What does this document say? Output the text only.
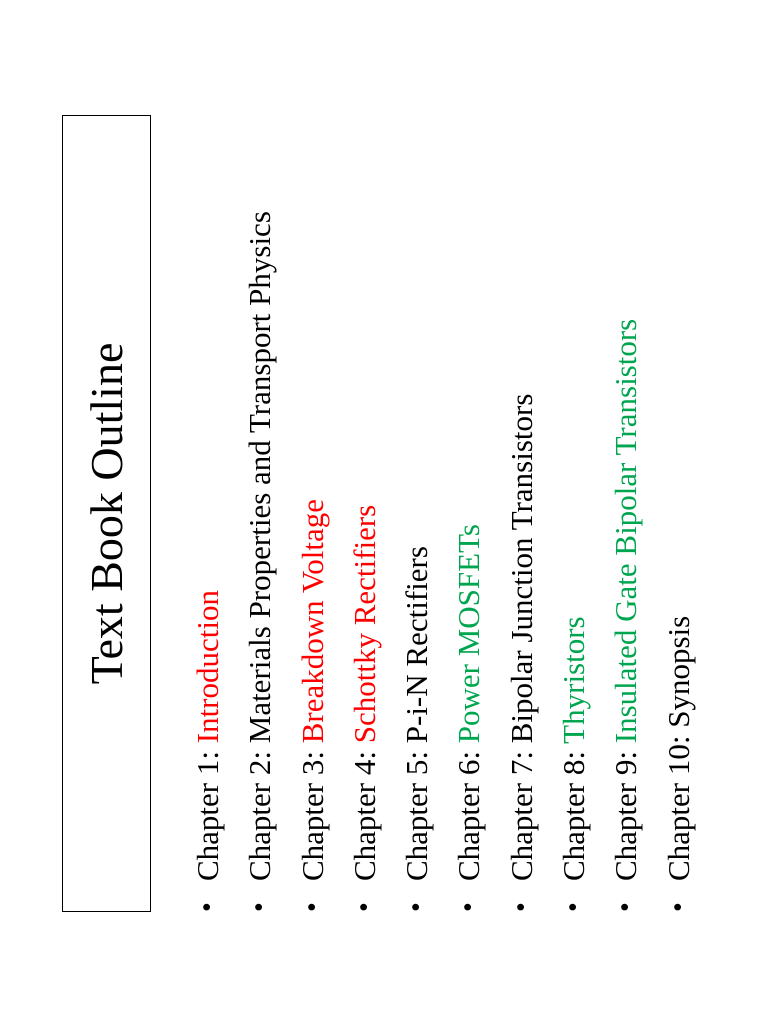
Text Book Outline
•
Chapter 1: Introduction
•
Chapter 2: Materials Properties and Transport Physics
•
Chapter 3: Breakdown Voltage
•
Chapter 4: Schottky Rectifiers
•
Chapter 5: P-i-N Rectifiers
•
Chapter 6: Power MOSFETs
•
Chapter 7: Bipolar Junction Transistors
•
Chapter 8: Thyristors
•
Chapter 9: Insulated Gate Bipolar Transistors
•
Chapter 10: Synopsis
